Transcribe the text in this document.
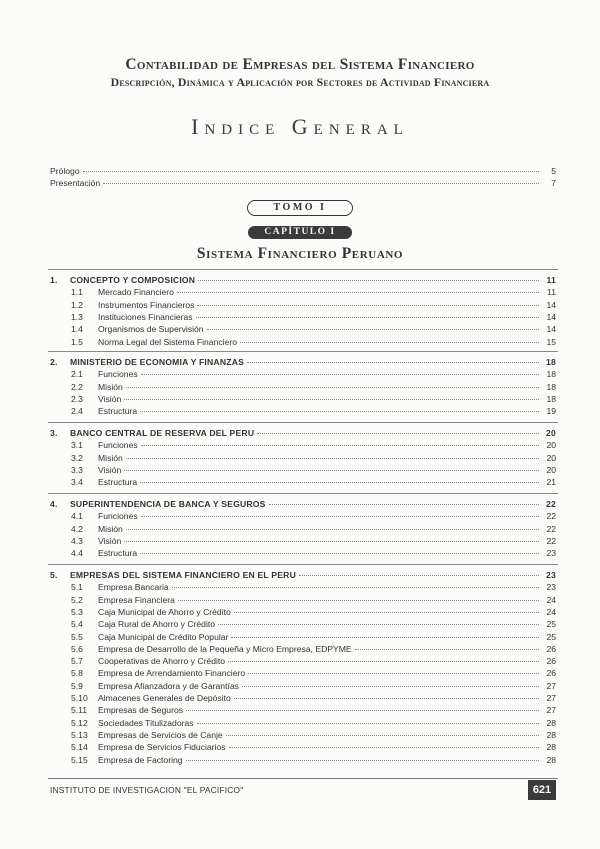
Contabilidad de Empresas del Sistema Financiero
Descripción, Dinámica y Aplicación por Sectores de Actividad Financiera
Indice General
Prólogo	5
Presentación	7
TOMO I
CAPÍTULO I
Sistema Financiero Peruano
1. CONCEPTO Y COMPOSICION	11
1.1 Mercado Financiero	11
1.2 Instrumentos Financieros	14
1.3 Instituciones Financieras	14
1.4 Organismos de Supervisión	14
1.5 Norma Legal del Sistema Financiero	15
2. MINISTERIO DE ECONOMIA Y FINANZAS	18
2.1 Funciones	18
2.2 Misión	18
2.3 Visión	18
2.4 Estructura	19
3. BANCO CENTRAL DE RESERVA DEL PERU	20
3.1 Funciones	20
3.2 Misión	20
3.3 Visión	20
3.4 Estructura	21
4. SUPERINTENDENCIA DE BANCA Y SEGUROS	22
4.1 Funciones	22
4.2 Misión	22
4.3 Visión	22
4.4 Estructura	23
5. EMPRESAS DEL SISTEMA FINANCIERO EN EL PERU	23
5.1 Empresa Bancaria	23
5.2 Empresa Financiera	24
5.3 Caja Municipal de Ahorro y Crédito	24
5.4 Caja Rural de Ahorro y Crédito	25
5.5 Caja Municipal de Crédito Popular	25
5.6 Empresa de Desarrollo de la Pequeña y Micro Empresa, EDPYME	26
5.7 Cooperativas de Ahorro y Crédito	26
5.8 Empresa de Arrendamiento Financiero	26
5.9 Empresa Afianzadora y de Garantías	27
5.10 Almacenes Generales de Depósito	27
5.11 Empresas de Seguros	27
5.12 Sociedades Titulizadoras	28
5.13 Empresas de Servicios de Canje	28
5.14 Empresa de Servicios Fiduciarios	28
5.15 Empresa de Factoring	28
INSTITUTO DE INVESTIGACION "EL PACIFICO"	621
